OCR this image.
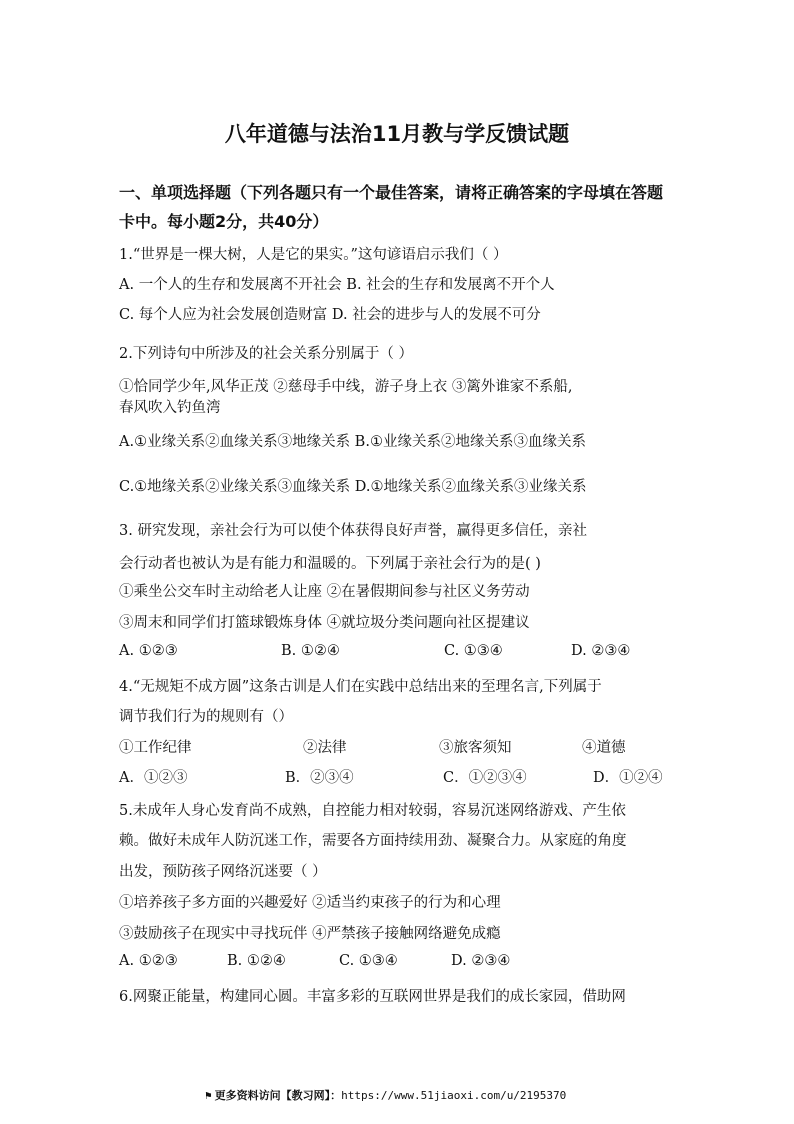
八年道德与法治11月教与学反馈试题
一、单项选择题（下列各题只有一个最佳答案，请将正确答案的字母填在答题
卡中。每小题2分，共40分）
1.“世界是一棵大树，人是它的果实。”这句谚语启示我们（ ）
A. 一个人的生存和发展离不开社会 B. 社会的生存和发展离不开个人
C. 每个人应为社会发展创造财富 D. 社会的进步与人的发展不可分
2.下列诗句中所涉及的社会关系分别属于（ ）
①恰同学少年,风华正茂 ②慈母手中线，游子身上衣 ③篱外谁家不系船,
春风吹入钓鱼湾
A.①业缘关系②血缘关系③地缘关系 B.①业缘关系②地缘关系③血缘关系
C.①地缘关系②业缘关系③血缘关系 D.①地缘关系②血缘关系③业缘关系
3. 研究发现，亲社会行为可以使个体获得良好声誉，赢得更多信任，亲社
会行动者也被认为是有能力和温暖的。下列属于亲社会行为的是( )
①乘坐公交车时主动给老人让座 ②在暑假期间参与社区义务劳动
③周末和同学们打篮球锻炼身体 ④就垃圾分类问题向社区提建议
A. ①②③	B. ①②④	C. ①③④	D. ②③④
4.“无规矩不成方圆”这条古训是人们在实践中总结出来的至理名言,下列属于
调节我们行为的规则有（）
①工作纪律	②法律	③旅客须知	④道德
A．①②③	B．②③④	C．①②③④	D．①②④
5.未成年人身心发育尚不成熟，自控能力相对较弱，容易沉迷网络游戏、产生依
赖。做好未成年人防沉迷工作，需要各方面持续用劲、凝聚合力。从家庭的角度
出发，预防孩子网络沉迷要（ ）
①培养孩子多方面的兴趣爱好 ②适当约束孩子的行为和心理
③鼓励孩子在现实中寻找玩伴 ④严禁孩子接触网络避免成瘾
A. ①②③	B. ①②④	C. ①③④	D. ②③④
6.网聚正能量，构建同心圆。丰富多彩的互联网世界是我们的成长家园，借助网
⚑ 更多资料访问【教习网】：https://www.51jiaoxi.com/u/2195370
